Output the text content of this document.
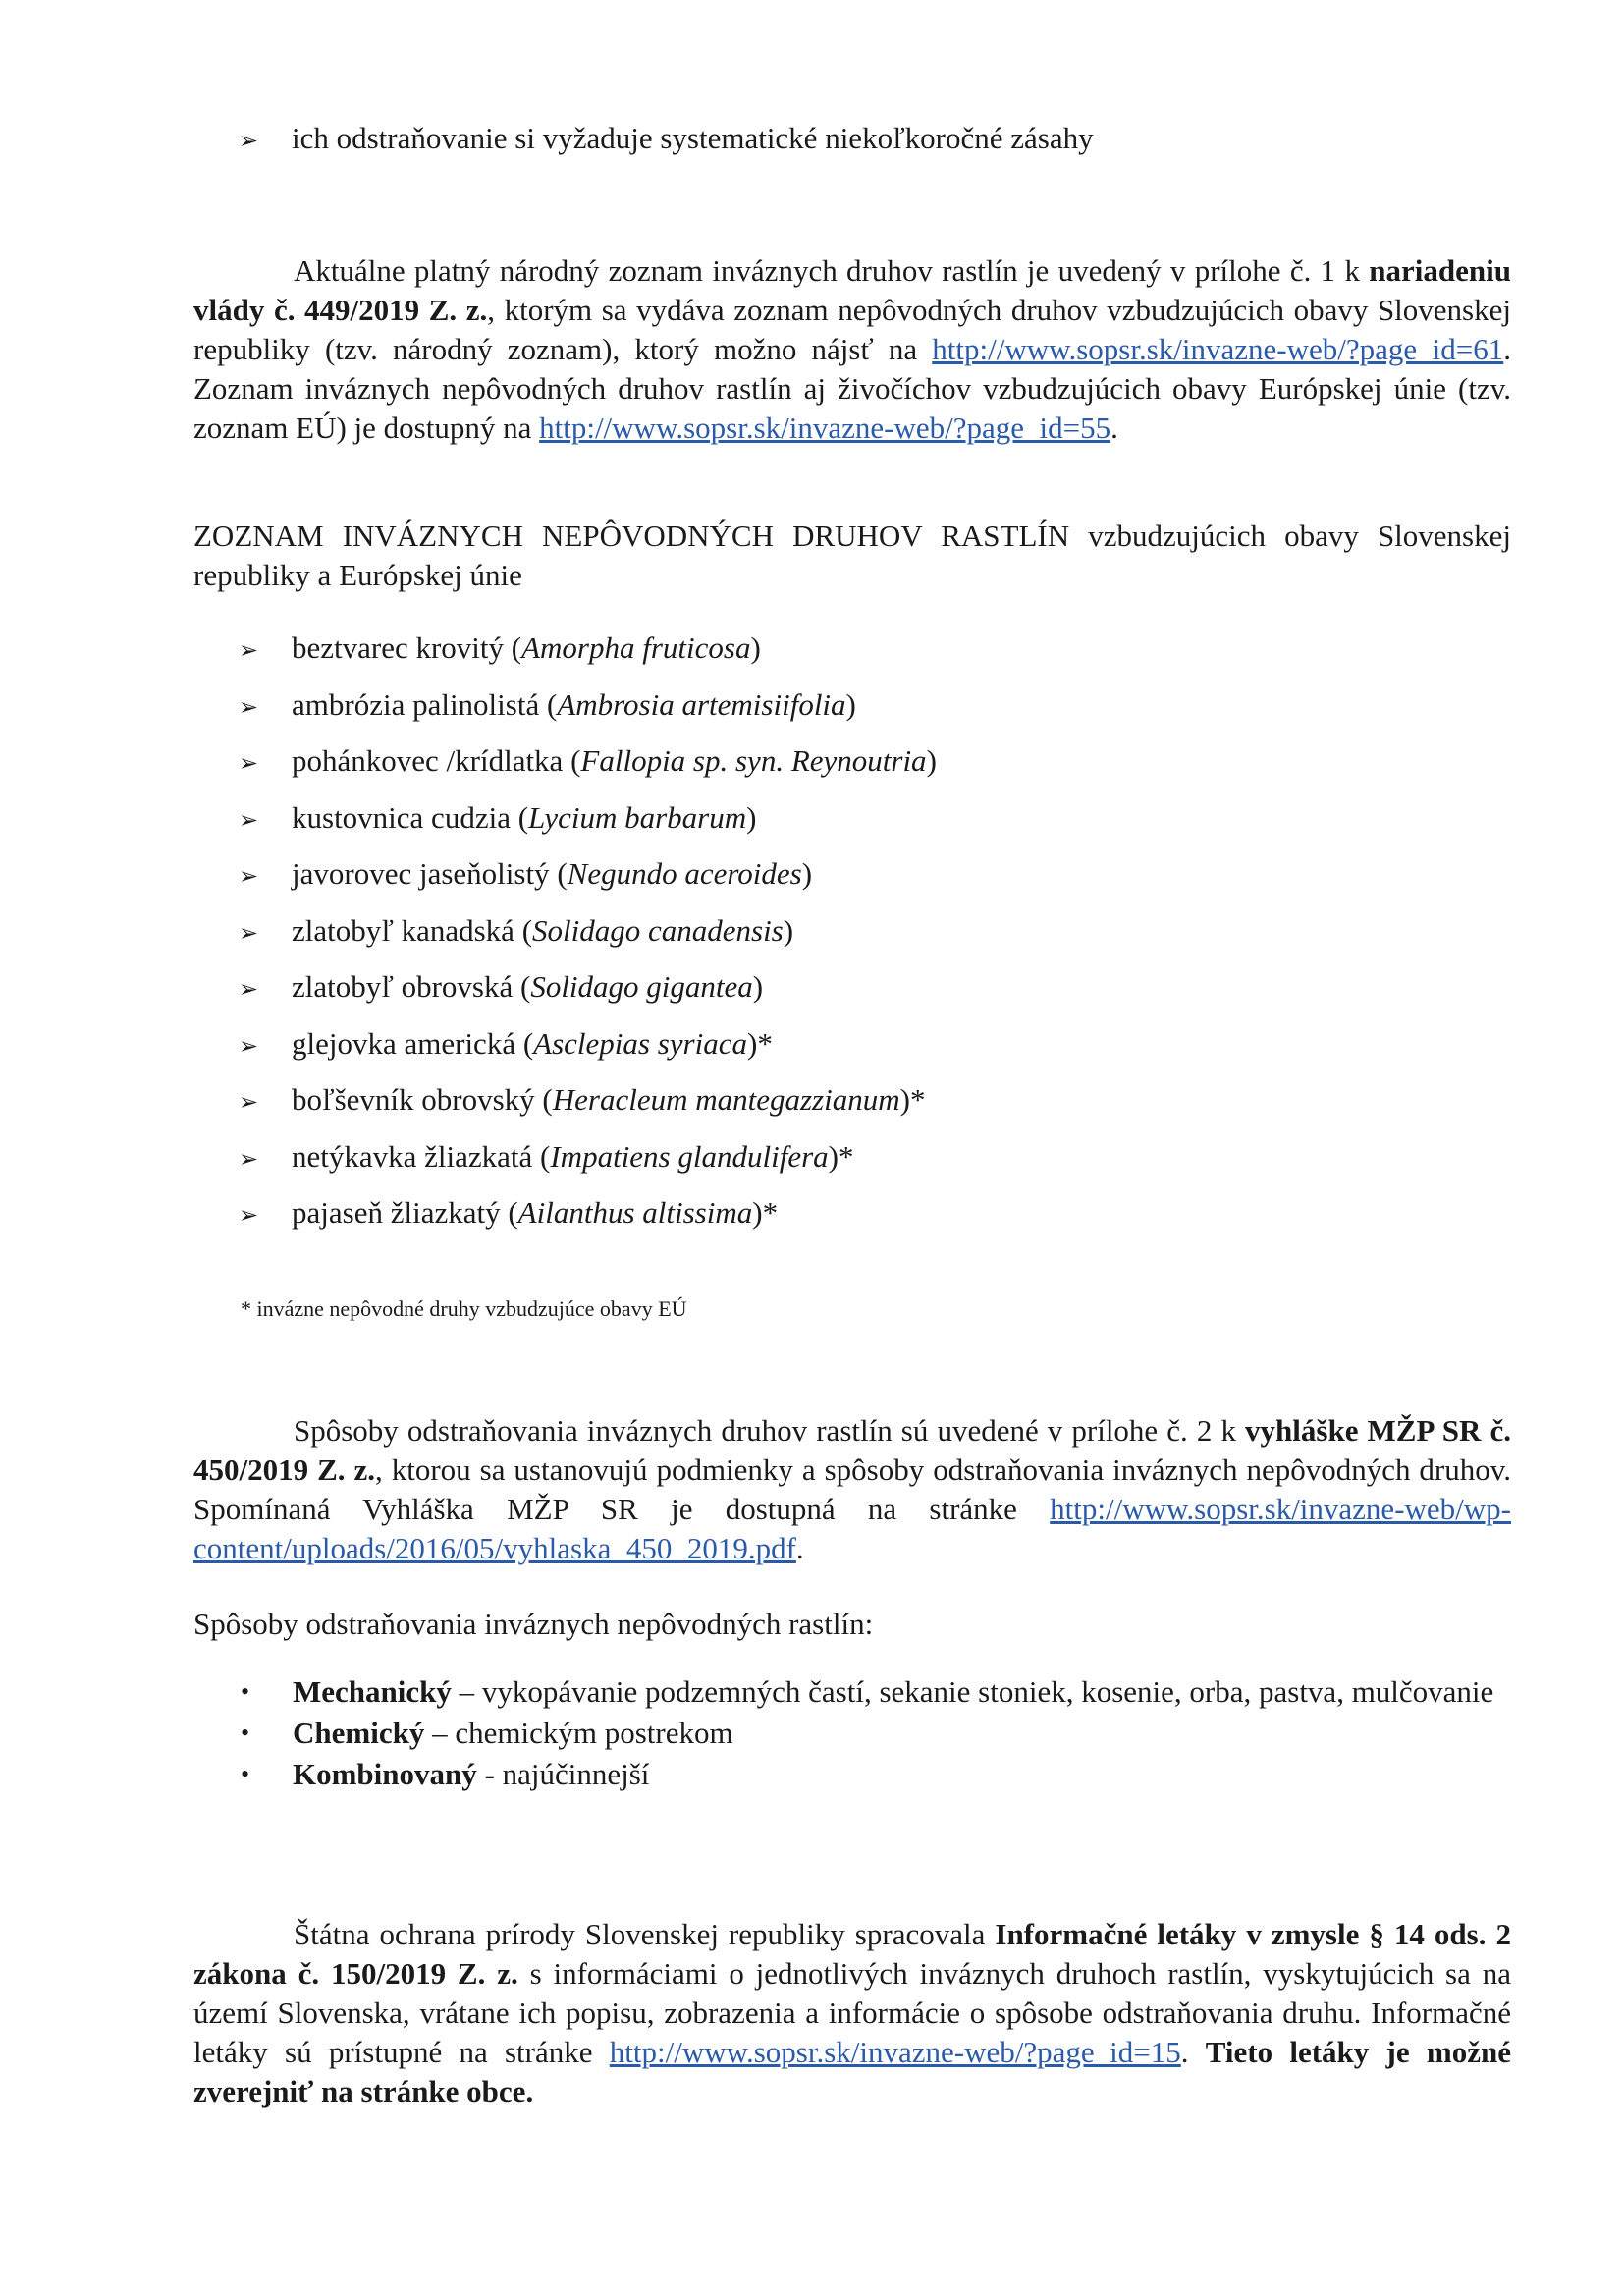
➢ ich odstraňovanie si vyžaduje systematické niekoľkoročné zásahy
Aktuálne platný národný zoznam inváznych druhov rastlín je uvedený v prílohe č. 1 k nariadeniu vlády č. 449/2019 Z. z., ktorým sa vydáva zoznam nepôvodných druhov vzbudzujúcich obavy Slovenskej republiky (tzv. národný zoznam), ktorý možno nájsť na http://www.sopsr.sk/invazne-web/?page_id=61. Zoznam inváznych nepôvodných druhov rastlín aj živočíchov vzbudzujúcich obavy Európskej únie (tzv. zoznam EÚ) je dostupný na http://www.sopsr.sk/invazne-web/?page_id=55.
ZOZNAM INVÁZNYCH NEPÔVODNÝCH DRUHOV RASTLÍN vzbudzujúcich obavy Slovenskej republiky a Európskej únie
➢ beztvarec krovitý (Amorpha fruticosa)
➢ ambrózia palinolistá (Ambrosia artemisiifolia)
➢ pohánkovec /krídlatka (Fallopia sp. syn. Reynoutria)
➢ kustovnica cudzia (Lycium barbarum)
➢ javorovec jaseňolistý (Negundo aceroides)
➢ zlatobyľ kanadská (Solidago canadensis)
➢ zlatobyľ obrovská (Solidago gigantea)
➢ glejovka americká (Asclepias syriaca)*
➢ boľševník obrovský (Heracleum mantegazzianum)*
➢ netýkavka žliazkatá (Impatiens glandulifera)*
➢ pajaseň žliazkatý (Ailanthus altissima)*
* invázne nepôvodné druhy vzbudzujúce obavy EÚ
Spôsoby odstraňovania inváznych druhov rastlín sú uvedené v prílohe č. 2 k vyhláške MŽP SR č. 450/2019 Z. z., ktorou sa ustanovujú podmienky a spôsoby odstraňovania inváznych nepôvodných druhov. Spomínaná Vyhláška MŽP SR je dostupná na stránke http://www.sopsr.sk/invazne-web/wp-content/uploads/2016/05/vyhlaska_450_2019.pdf.
Spôsoby odstraňovania inváznych nepôvodných rastlín:
•	Mechanický – vykopávanie podzemných častí, sekanie stoniek, kosenie, orba, pastva, mulčovanie
•	Chemický – chemickým postrekom
•	Kombinovaný - najúčinnejší
Štátna ochrana prírody Slovenskej republiky spracovala Informačné letáky v zmysle § 14 ods. 2 zákona č. 150/2019 Z. z. s informáciami o jednotlivých inváznych druhoch rastlín, vyskytujúcich sa na území Slovenska, vrátane ich popisu, zobrazenia a informácie o spôsobe odstraňovania druhu. Informačné letáky sú prístupné na stránke http://www.sopsr.sk/invazne-web/?page_id=15. Tieto letáky je možné zverejniť na stránke obce.
